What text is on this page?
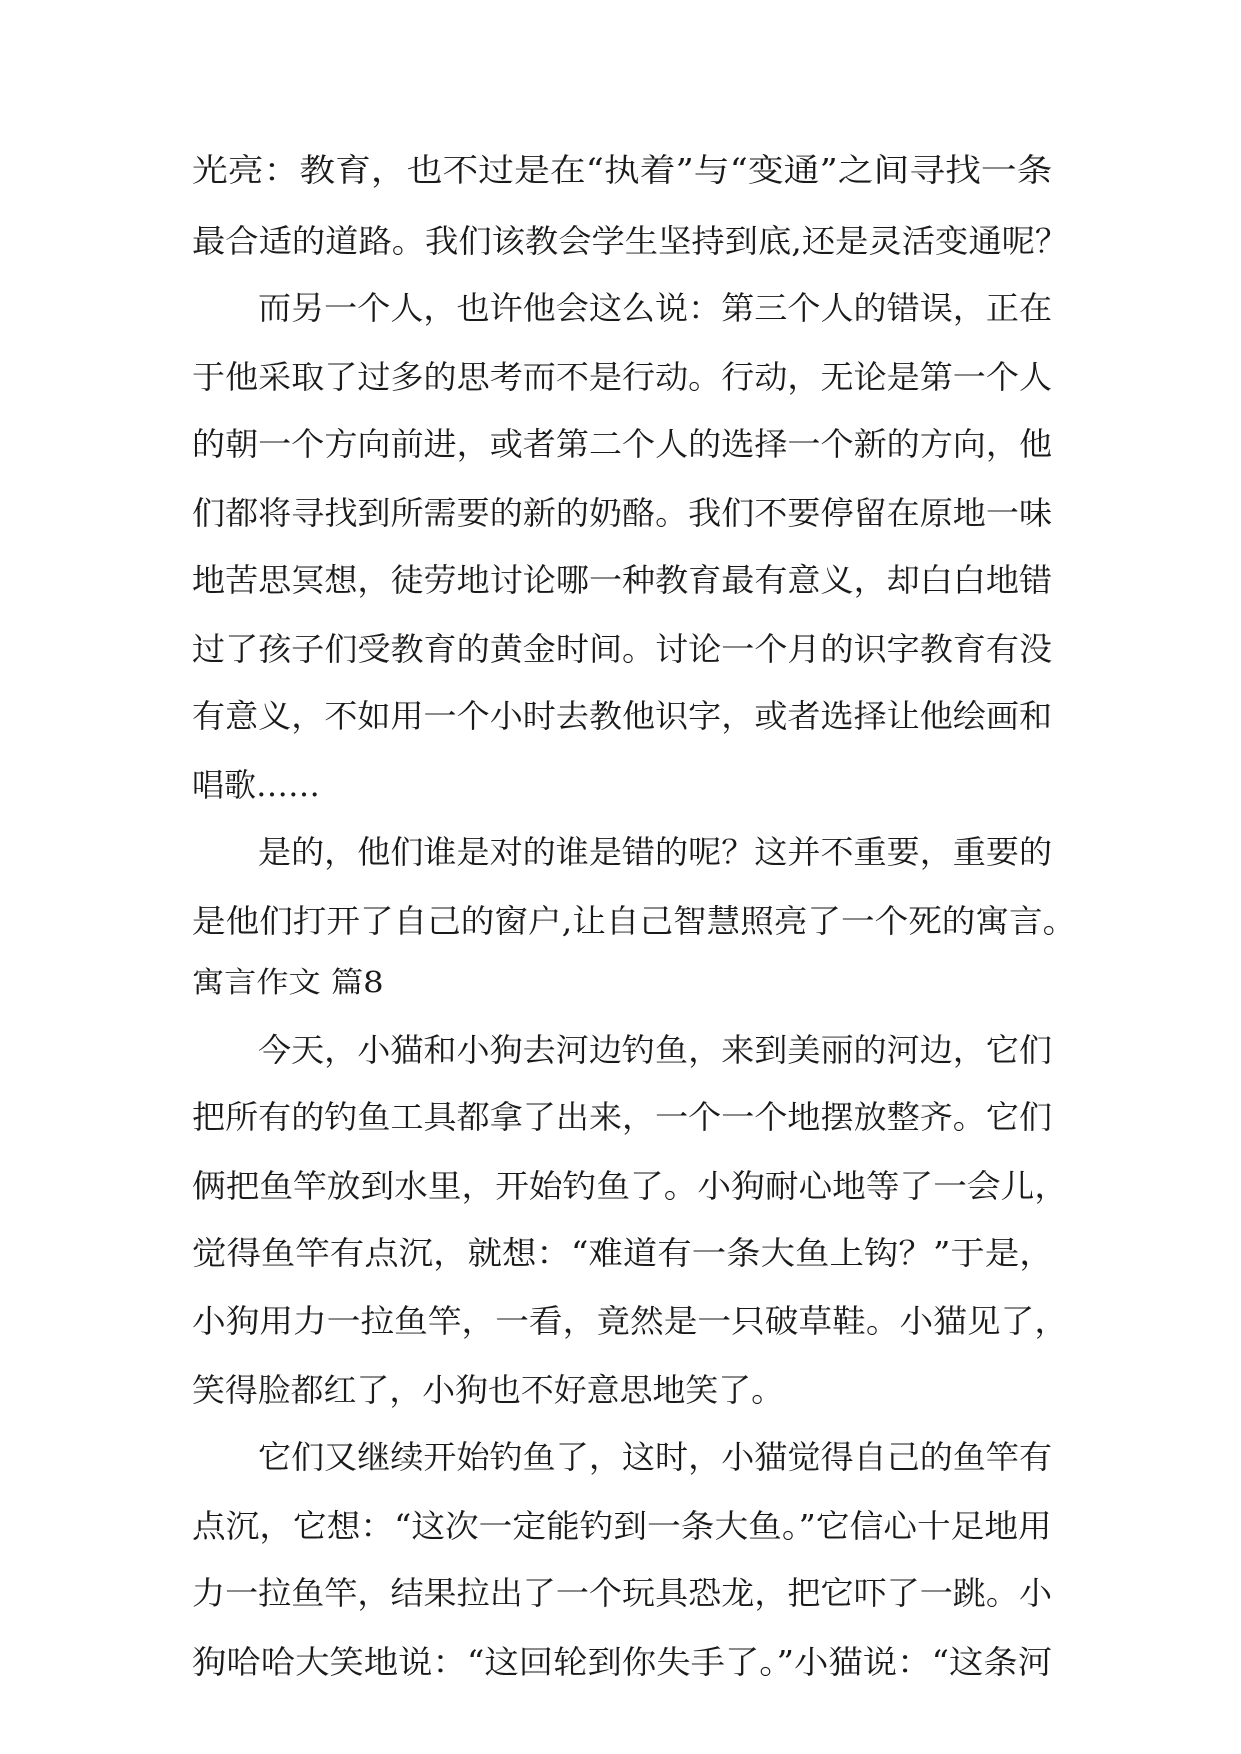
光亮：教育，也不过是在“执着”与“变通”之间寻找一条
最合适的道路。我们该教会学生坚持到底,还是灵活变通呢？
而另一个人，也许他会这么说：第三个人的错误，正在
于他采取了过多的思考而不是行动。行动，无论是第一个人
的朝一个方向前进，或者第二个人的选择一个新的方向，他
们都将寻找到所需要的新的奶酪。我们不要停留在原地一味
地苦思冥想，徒劳地讨论哪一种教育最有意义，却白白地错
过了孩子们受教育的黄金时间。讨论一个月的识字教育有没
有意义，不如用一个小时去教他识字，或者选择让他绘画和
唱歌……
是的，他们谁是对的谁是错的呢？这并不重要，重要的
是他们打开了自己的窗户,让自己智慧照亮了一个死的寓言。
寓言作文 篇8
今天，小猫和小狗去河边钓鱼，来到美丽的河边，它们
把所有的钓鱼工具都拿了出来，一个一个地摆放整齐。它们
俩把鱼竿放到水里，开始钓鱼了。小狗耐心地等了一会儿，
觉得鱼竿有点沉，就想：“难道有一条大鱼上钩？”于是，
小狗用力一拉鱼竿，一看，竟然是一只破草鞋。小猫见了，
笑得脸都红了，小狗也不好意思地笑了。
它们又继续开始钓鱼了，这时，小猫觉得自己的鱼竿有
点沉，它想：“这次一定能钓到一条大鱼。”它信心十足地用
力一拉鱼竿，结果拉出了一个玩具恐龙，把它吓了一跳。小
狗哈哈大笑地说：“这回轮到你失手了。”小猫说：“这条河
